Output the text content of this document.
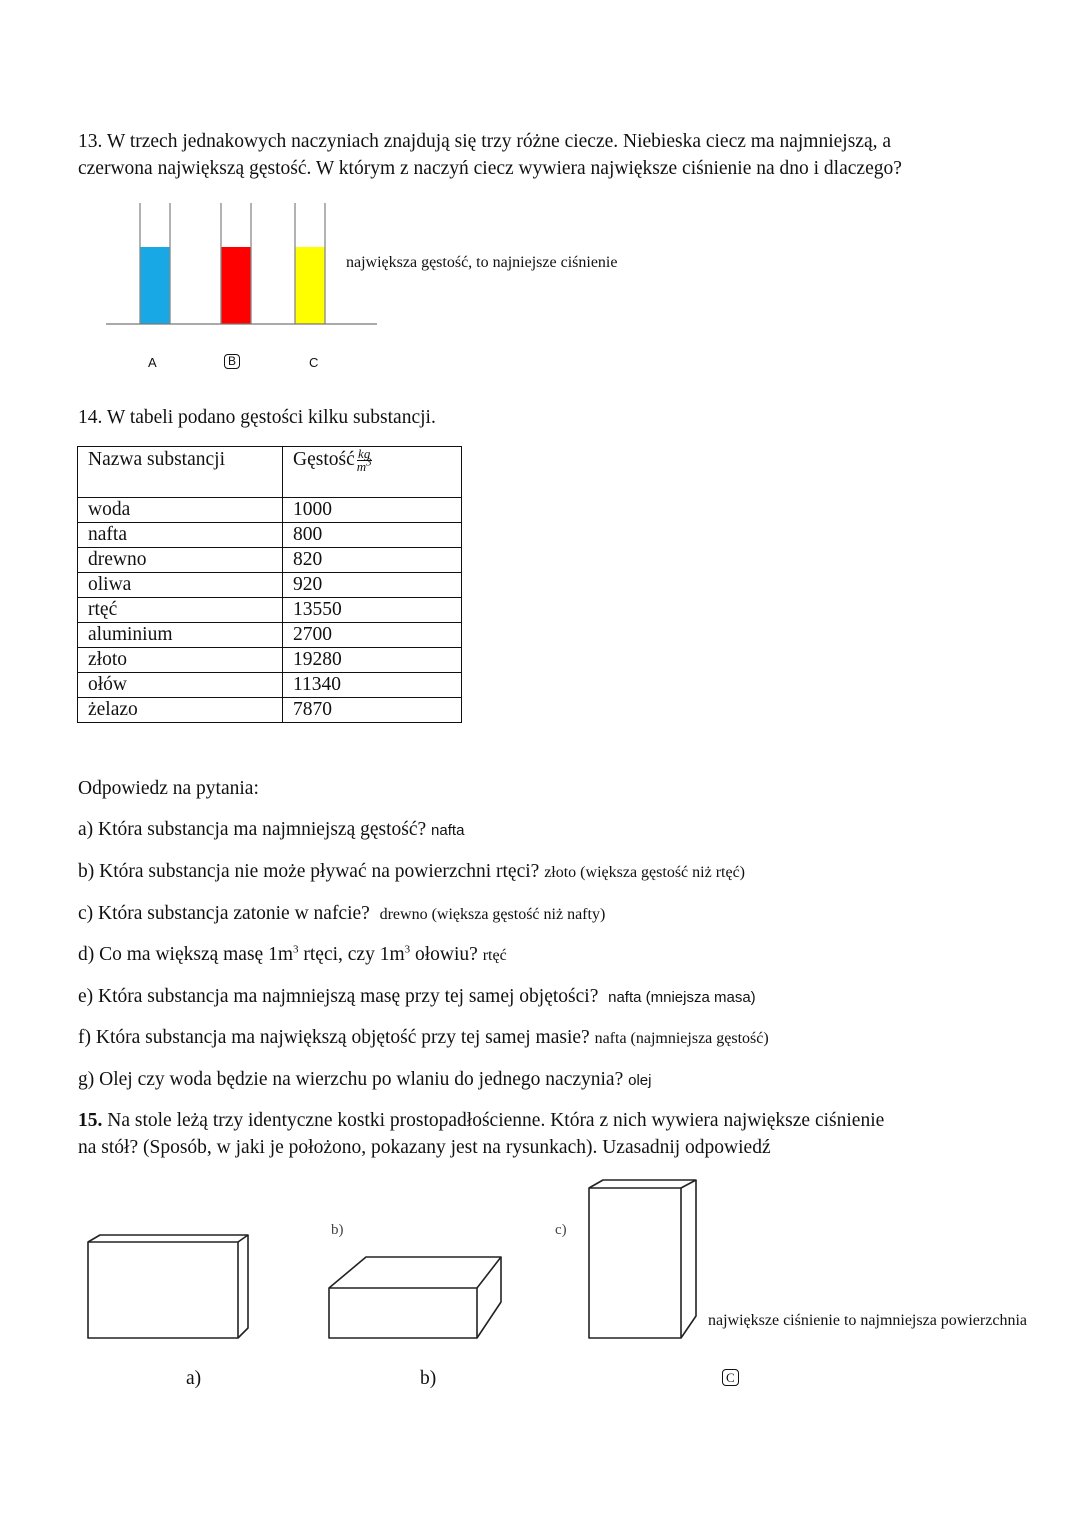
13. W trzech jednakowych naczyniach znajdują się trzy różne ciecze. Niebieska ciecz ma najmniejszą, a
czerwona największą gęstość. W którym z naczyń ciecz wywiera największe ciśnienie na dno i dlaczego?
największa gęstość, to najniejsze ciśnienie
A	B	C
14. W tabeli podano gęstości kilku substancji.
Nazwa substancji	Gęstość $\frac{kg}{m^3}$

woda	1000
nafta	800
drewno	820
oliwa	920
rtęć	13550
aluminium	2700
złoto	19280
ołów	11340
żelazo	7870
Odpowiedz na pytania:
a) Która substancja ma najmniejszą gęstość? nafta
b) Która substancja nie może pływać na powierzchni rtęci? złoto (większa gęstość niż rtęć)
c) Która substancja zatonie w nafcie? drewno (większa gęstość niż nafty)
d) Co ma większą masę $1m^3$ rtęci, czy $1m^3$ ołowiu? rtęć
e) Która substancja ma najmniejszą masę przy tej samej objętości? nafta (mniejsza masa)
f) Która substancja ma największą objętość przy tej samej masie? nafta (najmniejsza gęstość)
g) Olej czy woda będzie na wierzchu po wlaniu do jednego naczynia? olej
15. Na stole leżą trzy identyczne kostki prostopadłościenne. Która z nich wywiera największe ciśnienie
na stół? (Sposób, w jaki je położono, pokazany jest na rysunkach). Uzasadnij odpowiedź
b)	c)
największe ciśnienie to najmniejsza powierzchnia
a)	b)	C
